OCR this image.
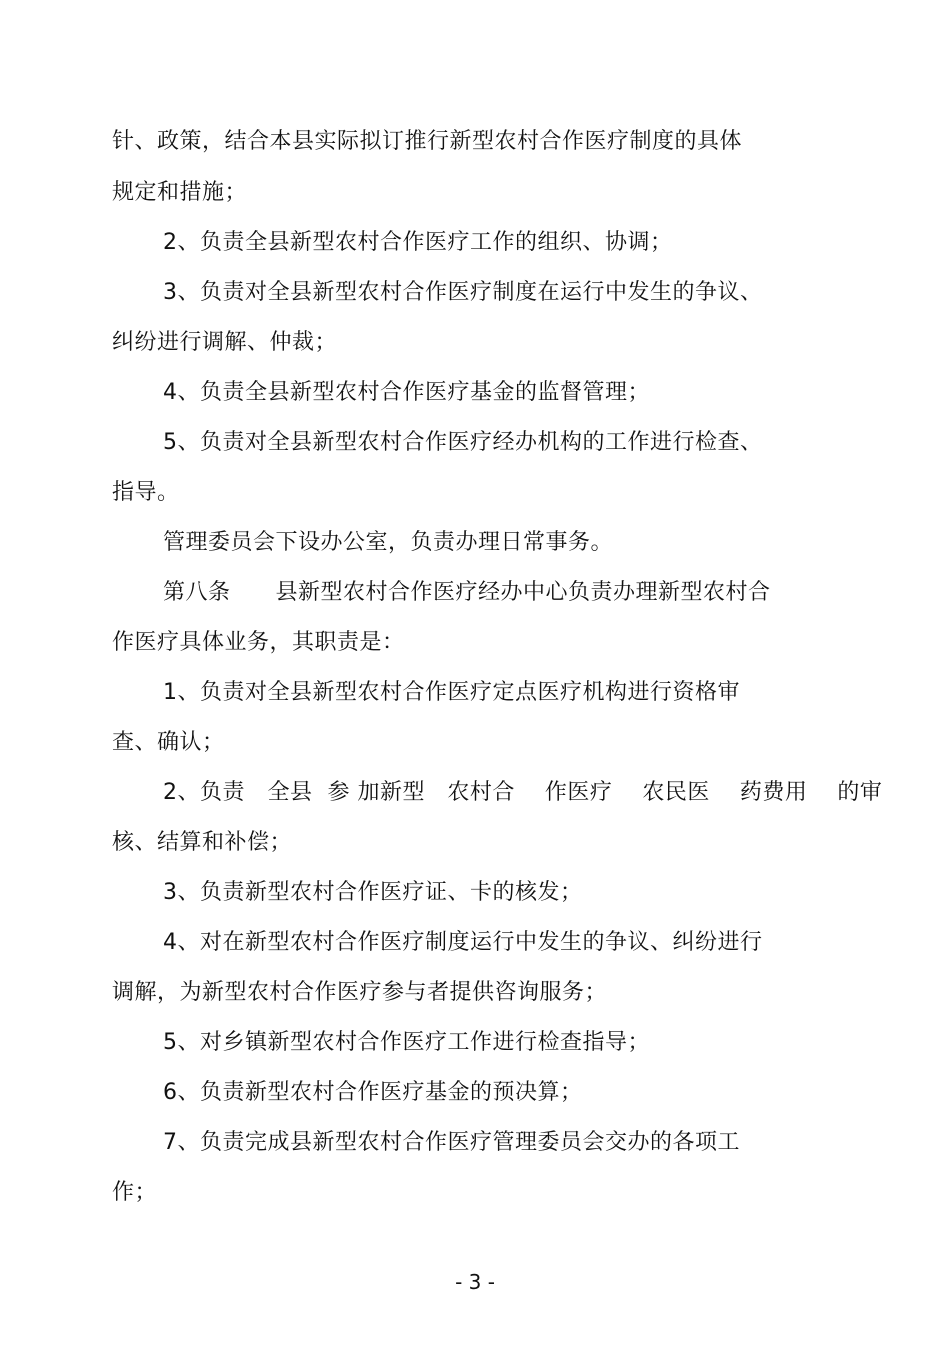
针、政策，结合本县实际拟订推行新型农村合作医疗制度的具体
规定和措施；
2、负责全县新型农村合作医疗工作的组织、协调；
3、负责对全县新型农村合作医疗制度在运行中发生的争议、
纠纷进行调解、仲裁；
4、负责全县新型农村合作医疗基金的监督管理；
5、负责对全县新型农村合作医疗经办机构的工作进行检查、
指导。
管理委员会下设办公室，负责办理日常事务。
第八条      县新型农村合作医疗经办中心负责办理新型农村合
作医疗具体业务，其职责是：
1、负责对全县新型农村合作医疗定点医疗机构进行资格审
查、确认；
2、负责   全县  参 加新型   农村合    作医疗    农民医    药费用    的审
核、结算和补偿；
3、负责新型农村合作医疗证、卡的核发；
4、对在新型农村合作医疗制度运行中发生的争议、纠纷进行
调解，为新型农村合作医疗参与者提供咨询服务；
5、对乡镇新型农村合作医疗工作进行检查指导；
6、负责新型农村合作医疗基金的预决算；
7、负责完成县新型农村合作医疗管理委员会交办的各项工
作；
- 3 -
